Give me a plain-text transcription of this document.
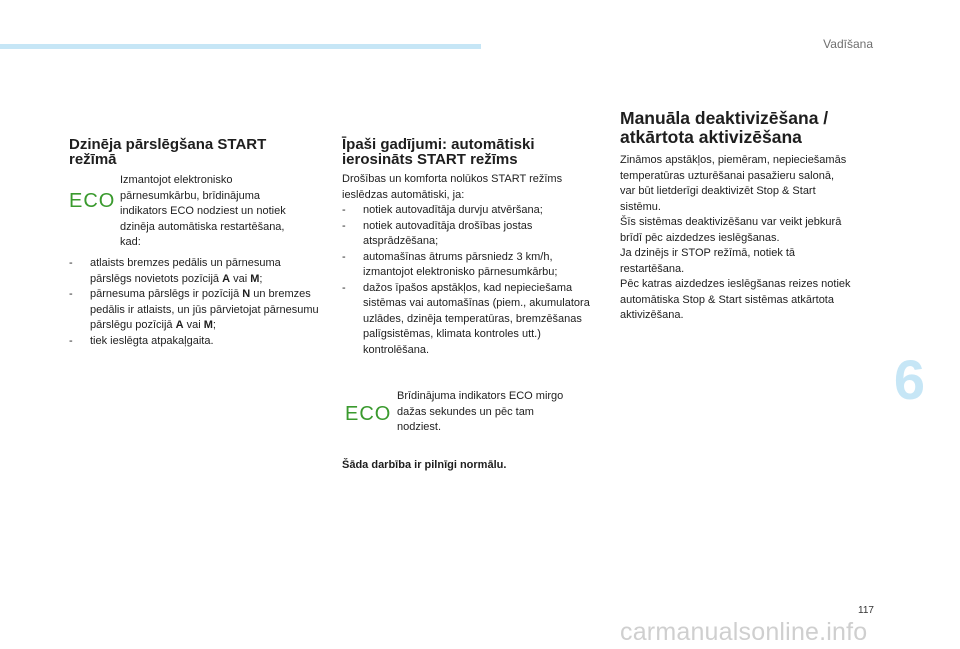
Vadīšana
6
Dzinēja pārslēgšana START
režīmā
ECO
Izmantojot elektronisko
pārnesumkārbu, brīdinājuma
indikators ECO nodziest un notiek
dzinēja automātiska restartēšana,
kad:
- atlaists bremzes pedālis un pārnesuma pārslēgs novietots pozīcijā A vai M;
- pārnesuma pārslēgs ir pozīcijā N un bremzes pedālis ir atlaists, un jūs pārvietojat pārnesumu pārslēgu pozīcijā A vai M;
- tiek ieslēgta atpakaļgaita.
Īpaši gadījumi: automātiski
ierosināts START režīms

Drošības un komforta nolūkos START režīms ieslēdzas automātiski, ja:

- notiek autovadītāja durvju atvēršana;
- notiek autovadītāja drošības jostas atsprādzēšana;
- automašīnas ātrums pārsniedz 3 km/h, izmantojot elektronisko pārnesumkārbu;
- dažos īpašos apstākļos, kad nepieciešama sistēmas vai automašīnas (piem., akumulatora uzlādes, dzinēja temperatūras, bremzēšanas palīgsistēmas, klimata kontroles utt.) kontrolēšana.
ECO
Brīdinājuma indikators ECO mirgo
dažas sekundes un pēc tam
nodziest.
Šāda darbība ir pilnīgi normālu.
Manuāla deaktivizēšana /
atkārtota aktivizēšana
Zināmos apstākļos, piemēram, nepieciešamās
temperatūras uzturēšanai pasažieru salonā,
var būt lietderīgi deaktivizēt Stop & Start
sistēmu.
Šīs sistēmas deaktivizēšanu var veikt jebkurā
brīdī pēc aizdedzes ieslēgšanas.
Ja dzinējs ir STOP režīmā, notiek tā
restartēšana.
Pēc katras aizdedzes ieslēgšanas reizes notiek
automātiska Stop & Start sistēmas atkārtota
aktivizēšana.
117
carmanualsonline.info
